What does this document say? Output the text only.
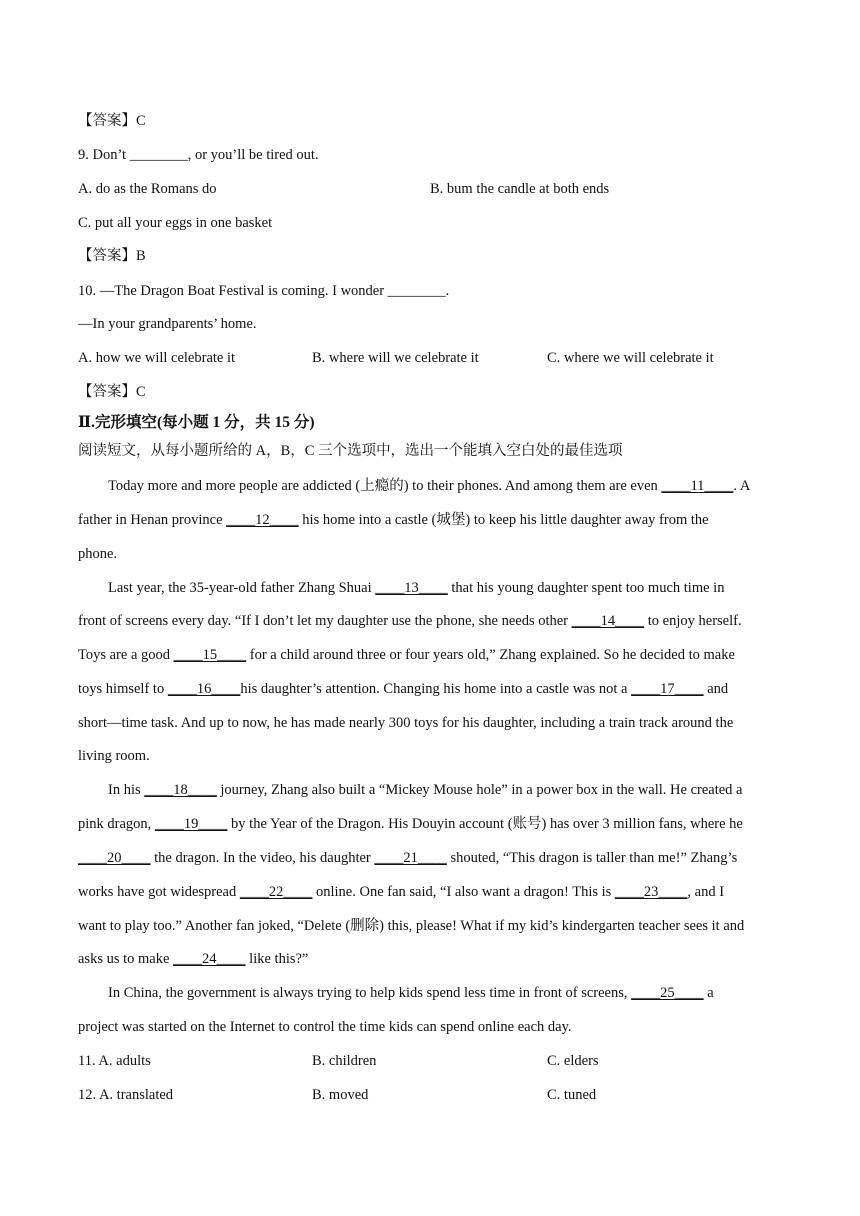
【答案】C
9. Don’t ________, or you’ll be tired out.
A. do as the Romans do	B. bum the candle at both ends
C. put all your eggs in one basket
【答案】B
10. —The Dragon Boat Festival is coming. I wonder ________.
—In your grandparents’ home.
A. how we will celebrate it	B. where will we celebrate it	C. where we will celebrate it
【答案】C
Ⅱ.完形填空(每小题 1 分，共 15 分)
阅读短文，从每小题所给的 A，B，C 三个选项中，选出一个能填入空白处的最佳选项
Today more and more people are addicted (上瘾的) to their phones. And among them are even ____11____. A
father in Henan province ____12____ his home into a castle (城堡) to keep his little daughter away from the
phone.
Last year, the 35-year-old father Zhang Shuai ____13____ that his young daughter spent too much time in
front of screens every day. “If I don’t let my daughter use the phone, she needs other ____14____ to enjoy herself.
Toys are a good ____15____ for a child around three or four years old,” Zhang explained. So he decided to make
toys himself to ____16____his daughter’s attention. Changing his home into a castle was not a ____17____ and
short—time task. And up to now, he has made nearly 300 toys for his daughter, including a train track around the
living room.
In his ____18____ journey, Zhang also built a “Mickey Mouse hole” in a power box in the wall. He created a
pink dragon, ____19____ by the Year of the Dragon. His Douyin account (账号) has over 3 million fans, where he
____20____ the dragon. In the video, his daughter ____21____ shouted, “This dragon is taller than me!” Zhang’s
works have got widespread ____22____ online. One fan said, “I also want a dragon! This is ____23____, and I
want to play too.” Another fan joked, “Delete (删除) this, please! What if my kid’s kindergarten teacher sees it and
asks us to make ____24____ like this?”
In China, the government is always trying to help kids spend less time in front of screens, ____25____ a
project was started on the Internet to control the time kids can spend online each day.
11. A. adults	B. children	C. elders
12. A. translated	B. moved	C. tuned
